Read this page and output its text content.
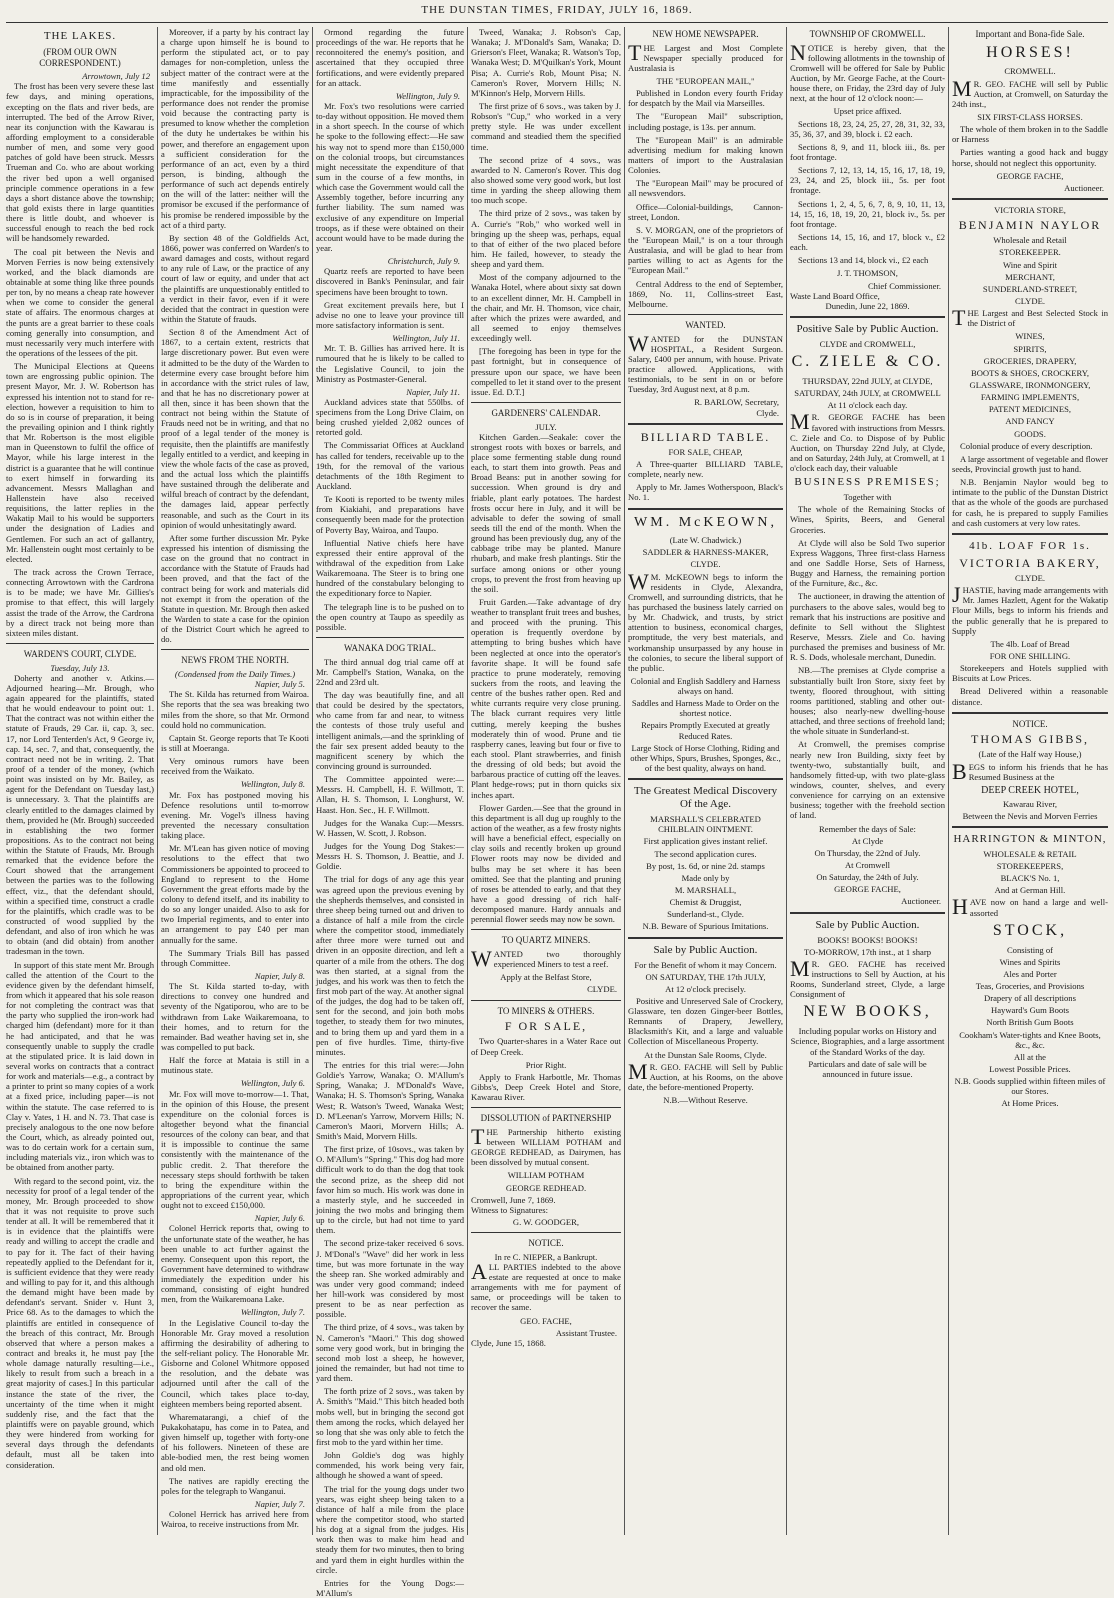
THE DUNSTAN TIMES, FRIDAY, JULY 16, 1869.
THE LAKES.
(FROM OUR OWN CORRESPONDENT.)
Arrowtown, July 12

The frost has been very severe these last few days, and mining operations, excepting on the flats and river beds, are interrupted. The bed of the Arrow River, near its conjunction with the Kawarau is affording employment to a considerable number of men, and some very good patches of gold have been struck. Messrs Trueman and Co. who are about working the river bed upon a well organised principle commence operations in a few days a short distance above the township; that gold exists there in large quantities there is little doubt, and whoever is successful enough to reach the bed rock will be handsomely rewarded.

The coal pit between the Nevis and Morven Ferries is now being extensively worked, and the black diamonds are obtainable at some thing like three pounds per ton, by no means a cheap rate however when we come to consider the general state of affairs. The enormous charges at the punts are a great barrier to these coals coming generally into consumption, and must necessarily very much interfere with the operations of the lessees of the pit.

The Municipal Elections at Queens town are engrossing public opinion. The present Mayor, Mr. J. W. Robertson has expressed his intention not to stand for re-election, however a requisition to him to do so is in course of preparation, it being the prevailing opinion and I think rightly that Mr. Robertson is the most eligible man in Queenstown to fulfil the office of Mayor, while his large interest in the district is a guarantee that he will continue to exert himself in forwarding its advancement. Messrs Mallaghan and Hallenstein have also received requisitions, the latter replies in the Wakatip Mail to his would be supporters under the designation of Ladies and Gentlemen. For such an act of gallantry, Mr. Hallenstein ought most certainly to be elected.

The track across the Crown Terrace, connecting Arrowtown with the Cardrona is to be made; we have Mr. Gillies's promise to that effect, this will largely assist the trade of the Arrow, the Cardrona by a direct track not being more than sixteen miles distant.

WARDEN'S COURT, CLYDE.
Tuesday, July 13.

Doherty and another v. Atkins.—Adjourned hearing—Mr. Brough, who again appeared for the plaintiffs, stated that he would endeavour to point out: 1. That the contract was not within either the statute of Frauds, 29 Car. ii, cap. 3, sec. 17, nor Lord Tenterden's Act, 9 George iv, cap. 14, sec. 7, and that, consequently, the contract need not be in writing. 2. That proof of a tender of the money, (which point was insisted on by Mr. Bailey, as agent for the Defendant on Tuesday last,) is unnecessary. 3. That the plaintiffs are clearly entitled to the damages claimed by them, provided he (Mr. Brough) succeeded in establishing the two former propositions. As to the contract not being within the Statute of Frauds, Mr. Brough remarked that the evidence before the Court showed that the arrangement between the parties was to the following effect, viz., that the defendant should, within a specified time, construct a cradle for the plaintiffs, which cradle was to be constructed of wood supplied by the defendant, and also of iron which he was to obtain (and did obtain) from another tradesman in the town.

In support of this state ment Mr. Brough called the attention of the Court to the evidence given by the defendant himself, from which it appeared that his sole reason for not completing the contract was that the party who supplied the iron-work had charged him (defendant) more for it than he had anticipated, and that he was consequently unable to supply the cradle at the stipulated price. It is laid down in several works on contracts that a contract for work and materials—e.g., a contract by a printer to print so many copies of a work at a fixed price, including paper—is not within the statute. The case referred to is Clay v. Yates, 1 H. and N. 73. That case is precisely analogous to the one now before the Court, which, as already pointed out, was to do certain work for a certain sum, including materials viz., iron which was to be obtained from another party.

With regard to the second point, viz. the necessity for proof of a legal tender of the money, Mr. Brough proceeded to show that it was not requisite to prove such tender at all. It will be remembered that it is in evidence that the plaintiffs were ready and willing to accept the cradle and to pay for it. The fact of their having repeatedly applied to the Defendant for it, is sufficient evidence that they were ready and willing to pay for it, and this although the demand might have been made by defendant's servant. Snider v. Hunt 3, Price 68. As to the damages to which the plaintiffs are entitled in consequence of the breach of this contract, Mr. Brough observed that where a person makes a contract and breaks it, he must pay [the whole damage naturally resulting—i.e., likely to result from such a breach in a great majority of cases.] In this particular instance the state of the river, the uncertainty of the time when it might suddenly rise, and the fact that the plaintiffs were on payable ground, which they were hindered from working for several days through the defendants default, must all be taken into consideration.

Moreover, if a party by his contract lay a charge upon himself he is bound to perform the stipulated act, or to pay damages for non-completion, unless the subject matter of the contract were at the time manifestly and essentially impracticable, for the impossibility of the performance does not render the promise void because the contracting party is presumed to know whether the completion of the duty he undertakes be within his power, and therefore an engagement upon a sufficient consideration for the performance of an act, even by a third person, is binding, although the performance of such act depends entirely on the will of the latter: neither will the promisor be excused if the performance of his promise be rendered impossible by the act of a third party.

By section 48 of the Goldfields Act, 1866, power was conferred on Warden's to award damages and costs, without regard to any rule of Law, or the practice of any court of law or equity, and under that act the plaintiffs are unquestionably entitled to a verdict in their favor, even if it were decided that the contract in question were within the Statute of frauds.

Section 8 of the Amendment Act of 1867, to a certain extent, restricts that large discretionary power. But even were it admitted to be the duty of the Warden to determine every case brought before him in accordance with the strict rules of law, and that he has no discretionary power at all then, since it has been shown that the contract not being within the Statute of Frauds need not be in writing, and that no proof of a legal tender of the money is requisite, then the plaintiffs are manifestly legally entitled to a verdict, and keeping in view the whole facts of the case as proved, and the actual loss which the plaintiffs have sustained through the deliberate and wilful breach of contract by the defendant, the damages laid, appear perfectly reasonable, and such as the Court in its opinion of would unhesitatingly award.

After some further discussion Mr. Pyke expressed his intention of dismissing the case on the ground that no contract in accordance with the Statute of Frauds had been proved, and that the fact of the contract being for work and materials did not exempt it from the operation of the Statute in question. Mr. Brough then asked the Warden to state a case for the opinion of the District Court which he agreed to do.

NEWS FROM THE NORTH.
(Condensed from the Daily Times.)
Napier, July 5.

The St. Kilda has returned from Wairoa. She reports that the sea was breaking two miles from the shore, so that Mr. Ormond could hold no communication.

Captain St. George reports that Te Kooti is still at Moeranga.

Very ominous rumors have been received from the Waikato.

Wellington, July 8.

Mr. Fox has postponed moving his Defence resolutions until to-morrow evening. Mr. Vogel's illness having prevented the necessary consultation taking place.

Mr. M'Lean has given notice of moving resolutions to the effect that two Commissioners be appointed to proceed to England to represent to the Home Government the great efforts made by the colony to defend itself, and its inability to do so any longer unaided. Also to ask for two Imperial regiments, and to enter into an arrangement to pay £40 per man annually for the same.

The Summary Trials Bill has passed through Committee.

Napier, July 8.

The St. Kilda started to-day, with directions to convey one hundred and seventy of the Ngatiporou, who are to be withdrawn from Lake Waikaremoana, to their homes, and to return for the remainder. Bad weather having set in, she was compelled to put back.

Half the force at Mataia is still in a mutinous state.

Wellington, July 6.

Mr. Fox will move to-morrow—1. That, in the opinion of this House, the present expenditure on the colonial forces is altogether beyond what the financial resources of the colony can bear, and that it is impossible to continue the same consistently with the maintenance of the public credit. 2. That therefore the necessary steps should forthwith be taken to bring the expenditure within the appropriations of the current year, which ought not to exceed £150,000.

Napier, July 6.

Colonel Herrick reports that, owing to the unfortunate state of the weather, he has been unable to act further against the enemy. Consequent upon this report, the Government have determined to withdraw immediately the expedition under his command, consisting of eight hundred men, from the Waikaremoana Lake.

Wellington, July 7.

In the Legislative Council to-day the Honorable Mr. Gray moved a resolution affirming the desirability of adhering to the self-reliant policy. The Honorable Mr. Gisborne and Colonel Whitmore opposed the resolution, and the debate was adjourned until after the call of the Council, which takes place to-day, eighteen members being reported absent.

Wharematarangi, a chief of the Pukakohatapu, has come in to Patea, and given himself up, together with forty-one of his followers. Nineteen of these are able-bodied men, the rest being women and old men.

The natives are rapidly erecting the poles for the telegraph to Wanganui.

Napier, July 7.

Colonel Herrick has arrived here from Wairoa, to receive instructions from Mr.

Ormond regarding the future proceedings of the war. He reports that he reconnoitered the enemy's position, and ascertained that they occupied three fortifications, and were evidently prepared for an attack.

Wellington, July 9.

Mr. Fox's two resolutions were carried to-day without opposition. He moved them in a short speech. In the course of which he spoke to the following effect:—He saw his way not to spend more than £150,000 on the colonial troops, but circumstances might necessitate the expenditure of that sum in the course of a few months, in which case the Government would call the Assembly together, before incurring any further liability. The sum named was exclusive of any expenditure on Imperial troops, as if these were obtained on their account would have to be made during the year.

Christchurch, July 9.

Quartz reefs are reported to have been discovered in Bank's Peninsular, and fair specimens have been brought to town.

Great excitement prevails here, but I advise no one to leave your province till more satisfactory information is sent.

Wellington, July 11.

Mr. T. B. Gillies has arrived here. It is rumoured that he is likely to be called to the Legislative Council, to join the Ministry as Postmaster-General.

Napier, July 11.

Auckland advices state that 550lbs. of specimens from the Long Drive Claim, on being crushed yielded 2,082 ounces of retorted gold.

The Commissariat Offices at Auckland has called for tenders, receivable up to the 19th, for the removal of the various detachments of the 18th Regiment to Auckland.

Te Kooti is reported to be twenty miles from Kiakiahi, and preparations have consequently been made for the protection of Poverty Bay, Wairoa, and Taupo.

Influential Native chiefs here have expressed their entire approval of the withdrawal of the expedition from Lake Waikaremoana. The Steer is to bring one hundred of the constabulary belonging to the expeditionary force to Napier.

The telegraph line is to be pushed on to the open country at Taupo as speedily as possible.

WANAKA DOG TRIAL.

The third annual dog trial came off at Mr. Campbell's Station, Wanaka, on the 22nd and 23rd ult.

The day was beautifully fine, and all that could be desired by the spectators, who came from far and near, to witness the contests of those truly useful and intelligent animals,—and the sprinkling of the fair sex present added beauty to the magnificent scenery by which the convincing ground is surrounded.

The Committee appointed were:—Messrs. H. Campbell, H. F. Willmott, T. Allan, H. S. Thomson, I. Longhurst, W. Haast. Hon. Sec., H. F. Willmott.

Judges for the Wanaka Cup:—Messrs. W. Hassen, W. Scott, J. Robson.

Judges for the Young Dog Stakes:—Messrs H. S. Thomson, J. Beattie, and J. Goldie.

The trial for dogs of any age this year was agreed upon the previous evening by the shepherds themselves, and consisted in three sheep being turned out and driven to a distance of half a mile from the circle where the competitor stood, immediately after three more were turned out and driven in an opposite direction, and left a quarter of a mile from the others. The dog was then started, at a signal from the judges, and his work was then to fetch the first mob part of the way. At another signal of the judges, the dog had to be taken off, sent for the second, and join both mobs together, to steady them for two minutes, and to bring them up and yard them in a pen of five hurdles. Time, thirty-five minutes.

The entries for this trial were:—John Goldie's Yarrow, Wanaka; O. M'Allum's Spring, Wanaka; J. M'Donald's Wave, Wanaka; H. S. Thomson's Spring, Wanaka West; R. Watson's Tweed, Wanaka West; D. M'Leenan's Yarrow, Morvern Hills; N. Cameron's Maori, Morvern Hills; A. Smith's Maid, Morvern Hills.

The first prize, of 10sovs., was taken by O. M'Allum's "Spring." This dog had more difficult work to do than the dog that took the second prize, as the sheep did not favor him so much. His work was done in a masterly style, and he succeeded in joining the two mobs and bringing them up to the circle, but had not time to yard them.

The second prize-taker received 6 sovs. J. M'Donal's "Wave" did her work in less time, but was more fortunate in the way the sheep ran. She worked admirably and was under very good command; indeed her hill-work was considered by most present to be as near perfection as possible.

The third prize, of 4 sovs., was taken by N. Cameron's "Maori." This dog showed some very good work, but in bringing the second mob lost a sheep, he however, joined the remainder, but had not time to yard them.

The forth prize of 2 sovs., was taken by A. Smith's "Maid." This bitch headed both mobs well, but in bringing the second got them among the rocks, which delayed her so long that she was only able to fetch the first mob to the yard within her time.

John Goldie's dog was highly commended, his work being very fair, although he showed a want of speed.

The trial for the young dogs under two years, was eight sheep being taken to a distance of half a mile from the place where the competitor stood, who started his dog at a signal from the judges. His work then was to make him head and steady them for two minutes, then to bring and yard them in eight hurdles within the circle.

Entries for the Young Dogs:—M'Allum's

Tweed, Wanaka; J. Robson's Cap, Wanaka; J. M'Donald's Sam, Wanaka; D. Grierson's Fleet, Wanaka; R. Watson's Top, Wanaka West; D. M'Quilkan's York, Mount Pisa; A. Currie's Rob, Mount Pisa; N. Cameron's Rover, Morvern Hills; N. M'Kinnon's Help, Morvern Hills.

The first prize of 6 sovs., was taken by J. Robson's "Cup," who worked in a very pretty style. He was under excellent command and steadied them the specified time.

The second prize of 4 sovs., was awarded to N. Cameron's Rover. This dog also showed some very good work, but lost time in yarding the sheep allowing them too much scope.

The third prize of 2 sovs., was taken by A. Currie's "Rob," who worked well in bringing up the sheep was, perhaps, equal to that of either of the two placed before him. He failed, however, to steady the sheep and yard them.

Most of the company adjourned to the Wanaka Hotel, where about sixty sat down to an excellent dinner, Mr. H. Campbell in the chair, and Mr. H. Thomson, vice chair, after which the prizes were awarded, and all seemed to enjoy themselves exceedingly well.

[The foregoing has been in type for the past fortnight, but in consequence of pressure upon our space, we have been compelled to let it stand over to the present issue. Ed. D.T.]

GARDENERS' CALENDAR.
JULY.

Kitchen Garden.—Seakale: cover the strongest roots with boxes or barrels, and place some fermenting stable dung round each, to start them into growth. Peas and Broad Beans: put in another sowing for succession. When ground is dry and friable, plant early potatoes. The hardest frosts occur here in July, and it will be advisable to defer the sowing of small seeds till the end of the month. When the ground has been previously dug, any of the cabbage tribe may be planted. Manure rhubarb, and make fresh plantings. Stir the surface among onions or other young crops, to prevent the frost from heaving up the soil.

Fruit Garden.—Take advantage of dry weather to transplant fruit trees and bushes, and proceed with the pruning. This operation is frequently overdone by attempting to bring bushes which have been neglected at once into the operator's favorite shape. It will be found safe practice to prune moderately, removing suckers from the roots, and leaving the centre of the bushes rather open. Red and white currants require very close pruning. The black currant requires very little cutting, merely keeping the bushes moderately thin of wood. Prune and tie raspberry canes, leaving but four or five to each stool. Plant strawberries, and finish the dressing of old beds; but avoid the barbarous practice of cutting off the leaves. Plant hedge-rows; put in thorn quicks six inches apart.

Flower Garden.—See that the ground in this department is all dug up roughly to the action of the weather, as a few frosty nights will have a beneficial effect, especially on clay soils and recently broken up ground Flower roots may now be divided and bulbs may be set where it has been omitted. See that the planting and pruning of roses be attended to early, and that they have a good dressing of rich half-decomposed manure. Hardy annuals and perennial flower seeds may now be sown.

TO QUARTZ MINERS.

WANTED two thoroughly experienced Miners to test a reef.

Apply at the Belfast Store,
CLYDE.
TO MINERS & OTHERS.
F OR SALE,

Two Quarter-shares in a Water Race out of Deep Creek.

Prior Right.

Apply to Frank Harbottle, Mr. Thomas Gibbs's, Deep Creek Hotel and Store, Kawarau River.

DISSOLUTION of PARTNERSHIP

THE Partnership hitherto existing between WILLIAM POTHAM and GEORGE REDHEAD, as Dairymen, has been dissolved by mutual consent.

WILLIAM POTHAM
GEORGE REDHEAD.
Cromwell, June 7, 1869.
Witness to Signatures:
G. W. GOODGER,
NOTICE.
In re C. NIEPER, a Bankrupt.

ALL PARTIES indebted to the above estate are requested at once to make arrangements with me for payment of same, or proceedings will be taken to recover the same.

GEO. FACHE,
Assistant Trustee.
Clyde, June 15, 1868.
NEW HOME NEWSPAPER.

THE Largest and Most Complete Newspaper specially produced for Australasia is

THE "EUROPEAN MAIL,"

Published in London every fourth Friday for despatch by the Mail via Marseilles.

The "European Mail" subscription, including postage, is 13s. per annum.

The "European Mail" is an admirable advertising medium for making known matters of import to the Australasian Colonies.

The "European Mail" may be procured of all newsvendors.

Office—Colonial-buildings, Cannon-street, London.

S. V. MORGAN, one of the proprietors of the "European Mail," is on a tour through Australasia, and will be glad to hear from parties willing to act as Agents for the "European Mail."

Central Address to the end of September, 1869, No. 11, Collins-street East, Melbourne.

WANTED.

WANTED for the DUNSTAN HOSPITAL, a Resident Surgeon. Salary, £400 per annum, with house. Private practice allowed. Applications, with testimonials, to be sent in on or before Tuesday, 3rd August next, at 8 p.m.

R. BARLOW, Secretary,
Clyde.
BILLIARD TABLE.
FOR SALE, CHEAP,

A Three-quarter BILLIARD TABLE, complete, nearly new.

Apply to Mr. James Wotherspoon, Black's No. 1.

WM. McKEOWN,
(Late W. Chadwick.)
SADDLER & HARNESS-MAKER,
CLYDE.

W M. McKEOWN begs to inform the residents in Clyde, Alexandra, Cromwell, and surrounding districts, that he has purchased the business lately carried on by Mr. Chadwick, and trusts, by strict attention to business, economical charges, promptitude, the very best materials, and workmanship unsurpassed by any house in the colonies, to secure the liberal support of the public.

Colonial and English Saddlery and Harness always on hand.
Saddles and Harness Made to Order on the shortest notice.
Repairs Promptly Executed at greatly Reduced Rates.
Large Stock of Horse Clothing, Riding and other Whips, Spurs, Brushes, Sponges, &c., of the best quality, always on hand.
The Greatest Medical Discovery Of the Age.
MARSHALL'S CELEBRATED CHILBLAIN OINTMENT.
First application gives instant relief.
The second application cures.
By post, 1s. 6d, or nine 2d. stamps
Made only by
M. MARSHALL,
Chemist & Druggist,
Sunderland-st., Clyde.
N.B. Beware of Spurious Imitations.
Sale by Public Auction.
For the Benefit of whom it may Concern.
ON SATURDAY, THE 17th JULY,
At 12 o'clock precisely.

Positive and Unreserved Sale of Crockery, Glassware, ten dozen Ginger-beer Bottles, Remnants of Drapery, Jewellery, Blacksmith's Kit, and a large and valuable Collection of Miscellaneous Property.

At the Dunstan Sale Rooms, Clyde.

M R. GEO. FACHE will Sell by Public Auction, at his Rooms, on the above date, the before-mentioned Property.

N.B.—Without Reserve.
TOWNSHIP OF CROMWELL.

NOTICE is hereby given, that the following allotments in the township of Cromwell will be offered for Sale by Public Auction, by Mr. George Fache, at the Court-house there, on Friday, the 23rd day of July next, at the hour of 12 o'clock noon:—

Upset price affixed.

Sections 18, 23, 24, 25, 27, 28, 31, 32, 33, 35, 36, 37, and 39, block i. £2 each.

Sections 8, 9, and 11, block iii., 8s. per foot frontage.

Sections 7, 12, 13, 14, 15, 16, 17, 18, 19, 23, 24, and 25, block iii., 5s. per foot frontage.

Sections 1, 2, 4, 5, 6, 7, 8, 9, 10, 11, 13, 14, 15, 16, 18, 19, 20, 21, block iv., 5s. per foot frontage.

Sections 14, 15, 16, and 17, block v., £2 each.

Sections 13 and 14, block vi., £2 each

J. T. THOMSON,
Chief Commissioner.
Waste Land Board Office,
Dunedin, June 22, 1869.
Positive Sale by Public Auction.
CLYDE and CROMWELL,
C. ZIELE & CO.
THURSDAY, 22nd JULY, at CLYDE,
SATURDAY, 24th JULY, at CROMWELL
At 11 o'clock each day.

M R. GEORGE FACHE has been favored with instructions from Messrs. C. Ziele and Co. to Dispose of by Public Auction, on Thursday 22nd July, at Clyde, and on Saturday, 24th July, at Cromwell, at 1 o'clock each day, their valuable

BUSINESS PREMISES;
Together with

The whole of the Remaining Stocks of Wines, Spirits, Beers, and General Groceries.

At Clyde will also be Sold Two superior Express Waggons, Three first-class Harness and one Saddle Horse, Sets of Harness, Buggy and Harness, the remaining portion of the Furniture, &c., &c.

The auctioneer, in drawing the attention of purchasers to the above sales, would beg to remark that his instructions are positive and definite to Sell without the Slightest Reserve, Messrs. Ziele and Co. having purchased the premises and business of Mr. R. S. Dods, wholesale merchant, Dunedin.

NB.—The premises at Clyde comprise a substantially built Iron Store, sixty feet by twenty, floored throughout, with sitting rooms partitioned, stabling and other out-houses; also nearly-new dwelling-house attached, and three sections of freehold land; the whole situate in Sunderland-st.

At Cromwell, the premises comprise nearly new Iron Building, sixty feet by twenty-two, substantially built, and handsomely fitted-up, with two plate-glass windows, counter, shelves, and every convenience for carrying on an extensive business; together with the freehold section of land.

Remember the days of Sale:
At Clyde
On Thursday, the 22nd of July.
At Cromwell
On Saturday, the 24th of July.
GEORGE FACHE,
Auctioneer.
Sale by Public Auction.
BOOKS! BOOKS! BOOKS!
TO-MORROW, 17th inst., at 1 sharp

M R. GEO. FACHE has received instructions to Sell by Auction, at his Rooms, Sunderland street, Clyde, a large Consignment of

NEW BOOKS,
Including popular works on History and Science, Biographies, and a large assortment of the Standard Works of the day.
Particulars and date of sale will be announced in future issue.
Important and Bona-fide Sale.
HORSES!
CROMWELL.

M R. GEO. FACHE will sell by Public Auction, at Cromwell, on Saturday the 24th inst.,

SIX FIRST-CLASS HORSES.

The whole of them broken in to the Saddle or Harness

Parties wanting a good hack and buggy horse, should not neglect this opportunity.

GEORGE FACHE,
Auctioneer.
VICTORIA STORE,
BENJAMIN NAYLOR
Wholesale and Retail
STOREKEEPER.
Wine and Spirit
MERCHANT,
SUNDERLAND-STREET,
CLYDE.

THE Largest and Best Selected Stock in the District of

WINES,
SPIRITS,
GROCERIES, DRAPERY,
BOOTS & SHOES, CROCKERY,
GLASSWARE, IRONMONGERY,
FARMING IMPLEMENTS,
PATENT MEDICINES,
AND FANCY
GOODS.

Colonial produce of every description.

A large assortment of vegetable and flower seeds, Provincial growth just to hand.

N.B. Benjamin Naylor would beg to intimate to the public of the Dunstan District that as the whole of the goods are purchased for cash, he is prepared to supply Families and cash customers at very low rates.

4lb. LOAF FOR 1s.
VICTORIA BAKERY,
CLYDE.

JHASTIE, having made arrangements with Mr. James Hazlett, Agent for the Wakatip Flour Mills, begs to inform his friends and the public generally that he is prepared to Supply

The 4lb. Loaf of Bread
FOR ONE SHILLING.

Storekeepers and Hotels supplied with Biscuits at Low Prices.

Bread Delivered within a reasonable distance.

NOTICE.
THOMAS GIBBS,
(Late of the Half way House,)

BEGS to inform his friends that he has Resumed Business at the

DEEP CREEK HOTEL,
Kawarau River,
Between the Nevis and Morven Ferries
HARRINGTON & MINTON,
WHOLESALE & RETAIL
STOREKEEPERS,
BLACK'S No. 1,
And at German Hill.

HAVE now on hand a large and well-assorted

STOCK,
Consisting of
Wines and Spirits
Ales and Porter
Teas, Groceries, and Provisions
Drapery of all descriptions
Hayward's Gum Boots
North British Gum Boots
Cookham's Water-tights and Knee Boots, &c., &c.
All at the
Lowest Possible Prices.
N.B. Goods supplied within fifteen miles of our Stores.
At Home Prices.
